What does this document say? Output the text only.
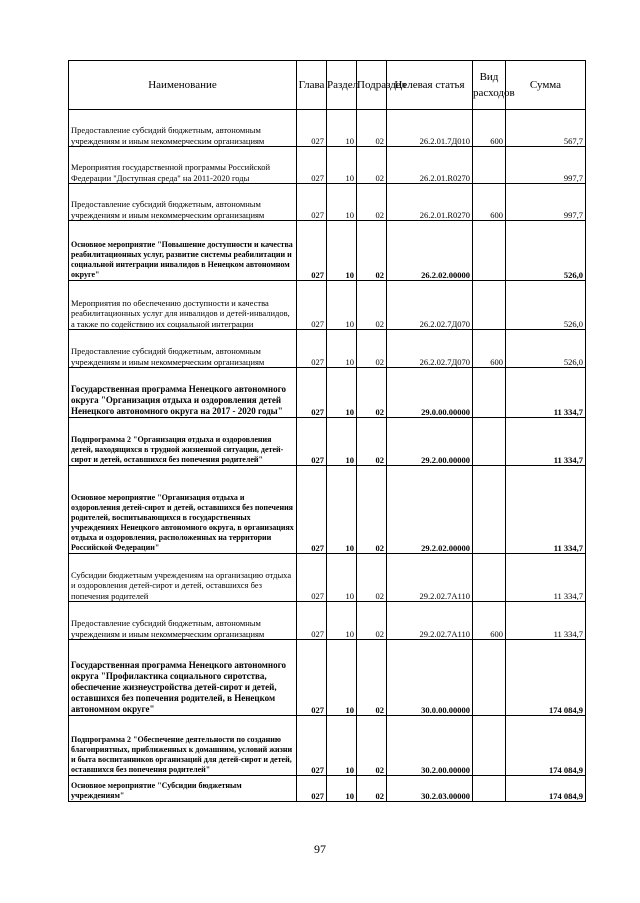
Наименование	Глава	Раздел	Подраздел	Целевая статья	Вид расходов	Сумма
Предоставление субсидий бюджетным, автономным учреждениям и иным некоммерческим организациям	027	10	02	26.2.01.7Д010	600	567,7
Мероприятия государственной программы Российской Федерации "Доступная среда" на 2011-2020 годы	027	10	02	26.2.01.R0270		997,7
Предоставление субсидий бюджетным, автономным учреждениям и иным некоммерческим организациям	027	10	02	26.2.01.R0270	600	997,7
Основное мероприятие "Повышение доступности и качества реабилитационных услуг, развитие системы реабилитации и социальной интеграции инвалидов в Ненецком автономном округе"	027	10	02	26.2.02.00000		526,0
Мероприятия по обеспечению доступности и качества реабилитационных услуг для инвалидов и детей-инвалидов, а также по содействию их социальной интеграции	027	10	02	26.2.02.7Д070		526,0
Предоставление субсидий бюджетным, автономным учреждениям и иным некоммерческим организациям	027	10	02	26.2.02.7Д070	600	526,0
Государственная программа Ненецкого автономного округа "Организация отдыха и оздоровления детей Ненецкого автономного округа на 2017 - 2020 годы"	027	10	02	29.0.00.00000		11 334,7
Подпрограмма 2 "Организация отдыха и оздоровления детей, находящихся в трудной жизненной ситуации, детей-сирот и детей, оставшихся без попечения родителей"	027	10	02	29.2.00.00000		11 334,7
Основное мероприятие "Организация отдыха и оздоровления детей-сирот и детей, оставшихся без попечения родителей, воспитывающихся в государственных учреждениях Ненецкого автономного округа, в организациях отдыха и оздоровления, расположенных на территории Российской Федерации"	027	10	02	29.2.02.00000		11 334,7
Субсидии бюджетным учреждениям на организацию отдыха и оздоровления детей-сирот и детей, оставшихся без попечения родителей	027	10	02	29.2.02.7А110		11 334,7
Предоставление субсидий бюджетным, автономным учреждениям и иным некоммерческим организациям	027	10	02	29.2.02.7А110	600	11 334,7
Государственная программа Ненецкого автономного округа "Профилактика социального сиротства, обеспечение жизнеустройства детей-сирот и детей, оставшихся без попечения родителей, в Ненецком автономном округе"	027	10	02	30.0.00.00000		174 084,9
Подпрограмма 2 "Обеспечение деятельности по созданию благоприятных, приближенных к домашним, условий жизни и быта воспитанников организаций для детей-сирот и детей, оставшихся без попечения родителей"	027	10	02	30.2.00.00000		174 084,9
Основное мероприятие "Субсидии бюджетным учреждениям"	027	10	02	30.2.03.00000		174 084,9
97
